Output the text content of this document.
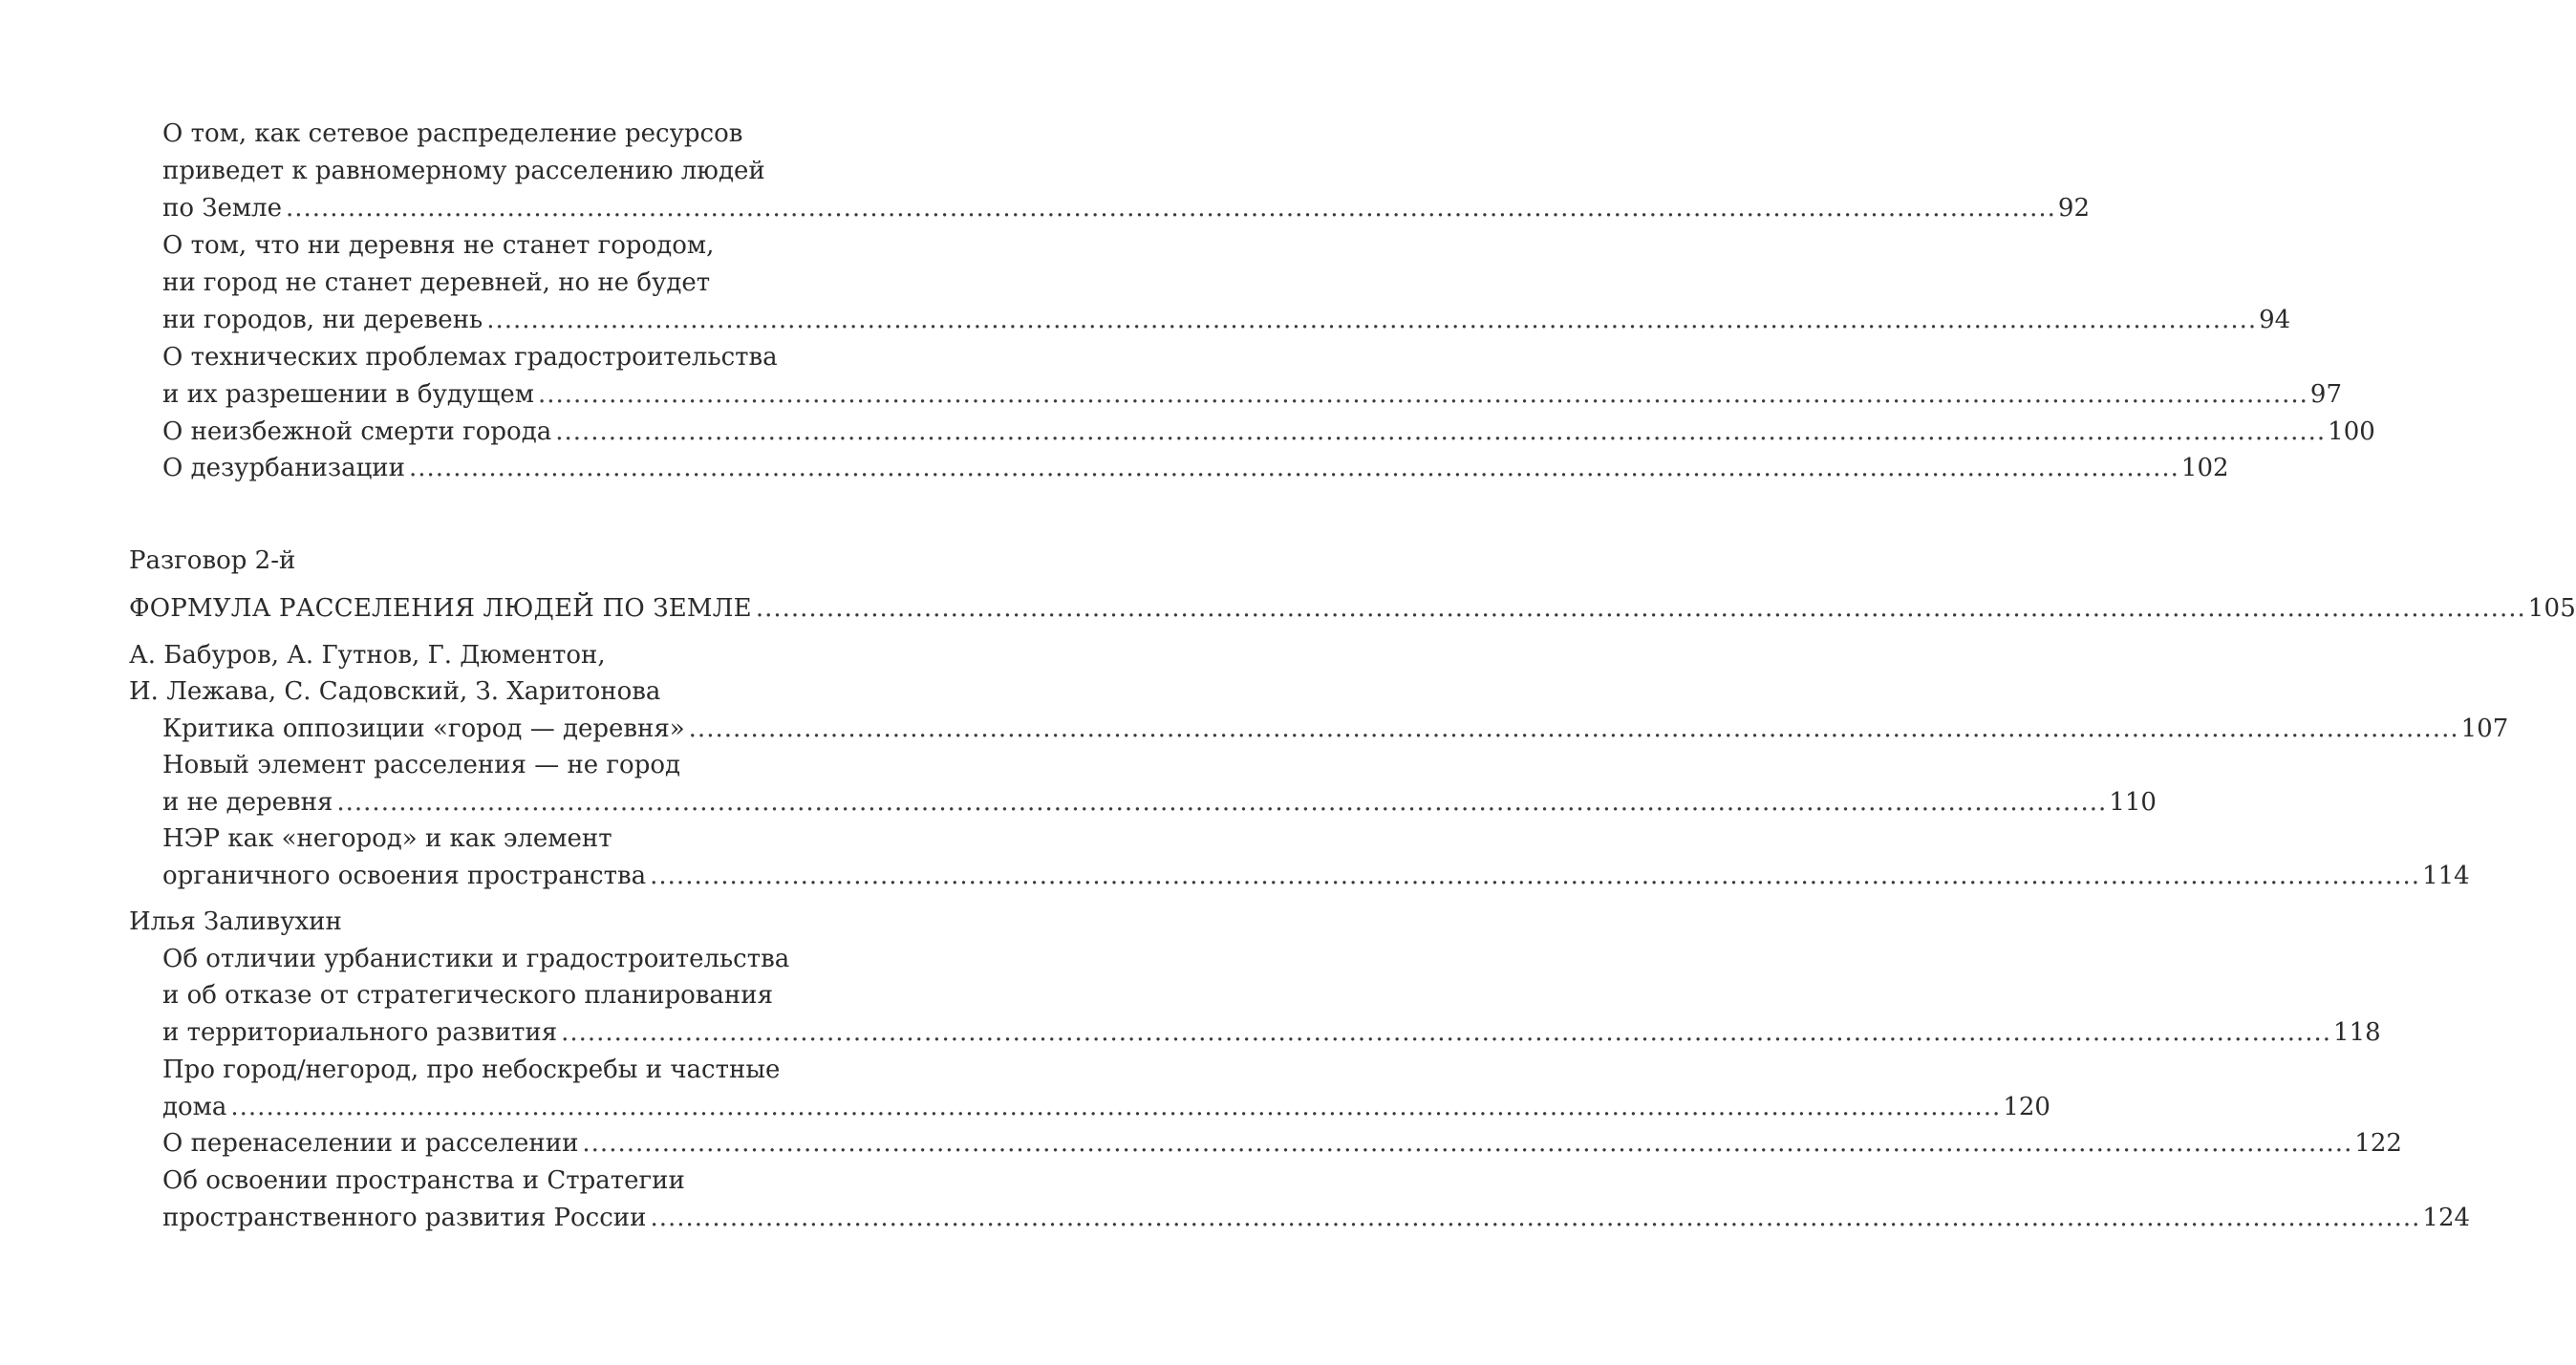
О том, как сетевое распределение ресурсов
приведет к равномерному расселению людей
по Земле ........................................................................................................................................................................................................ 92
О том, что ни деревня не станет городом,
ни город не станет деревней, но не будет
ни городов, ни деревень ........................................................................................................................................................................................................ 94
О технических проблемах градостроительства
и их разрешении в будущем ........................................................................................................................................................................................................ 97
О неизбежной смерти города ........................................................................................................................................................................................................ 100
О дезурбанизации ........................................................................................................................................................................................................ 102
Разговор 2-й
ФОРМУЛА РАССЕЛЕНИЯ ЛЮДЕЙ ПО ЗЕМЛЕ ........................................................................................................................................................................................................ 105
А. Бабуров, А. Гутнов, Г. Дюментон,
И. Лежава, С. Садовский, З. Харитонова
Критика оппозиции «город — деревня» ........................................................................................................................................................................................................ 107
Новый элемент расселения — не город
и не деревня ........................................................................................................................................................................................................ 110
НЭР как «негород» и как элемент
органичного освоения пространства ........................................................................................................................................................................................................ 114
Илья Заливухин
Об отличии урбанистики и градостроительства
и об отказе от стратегического планирования
и территориального развития ........................................................................................................................................................................................................ 118
Про город/негород, про небоскребы и частные
дома ........................................................................................................................................................................................................ 120
О перенаселении и расселении ........................................................................................................................................................................................................ 122
Об освоении пространства и Стратегии
пространственного развития России ........................................................................................................................................................................................................ 124
